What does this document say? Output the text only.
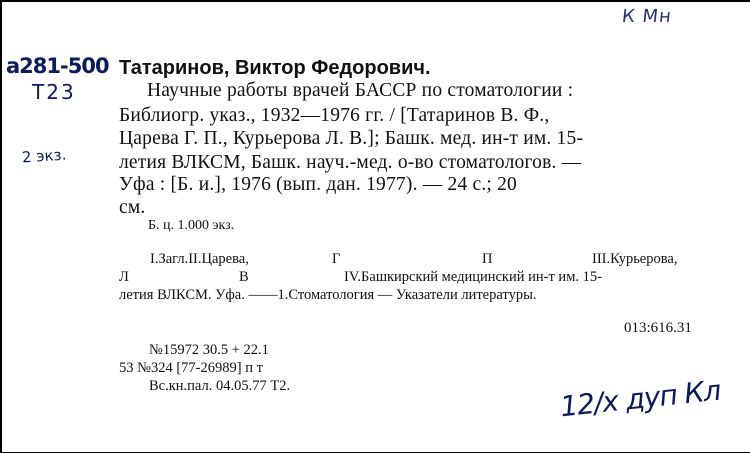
К Мн
а281-500
Т23
2 экз.
Татаринов, Виктор Федорович.
Научные работы врачей БАССР по стоматологии :
Библиогр. указ., 1932—1976 гг. / [Татаринов В. Ф.,
Царева Г. П., Курьерова Л. В.]; Башк. мед. ин-т им. 15-
летия ВЛКСМ, Башк. науч.-мед. о-во стоматологов. —
Уфа : [Б. и.], 1976 (вып. дан. 1977). — 24 с.; 20
см.
Б. ц. 1.000 экз.
I.Загл.II.Царева,	Г	П	III.Курьерова,
Л	В	IV.Башкирский медицинский ин-т им. 15-
летия ВЛКСМ. Уфа. ——1.Стоматология — Указатели литературы.
013:616.31
№15972 30.5 + 22.1
53 №324 [77-26989] п т
Вс.кн.пал. 04.05.77 Т2.	12/х дуп Кл
